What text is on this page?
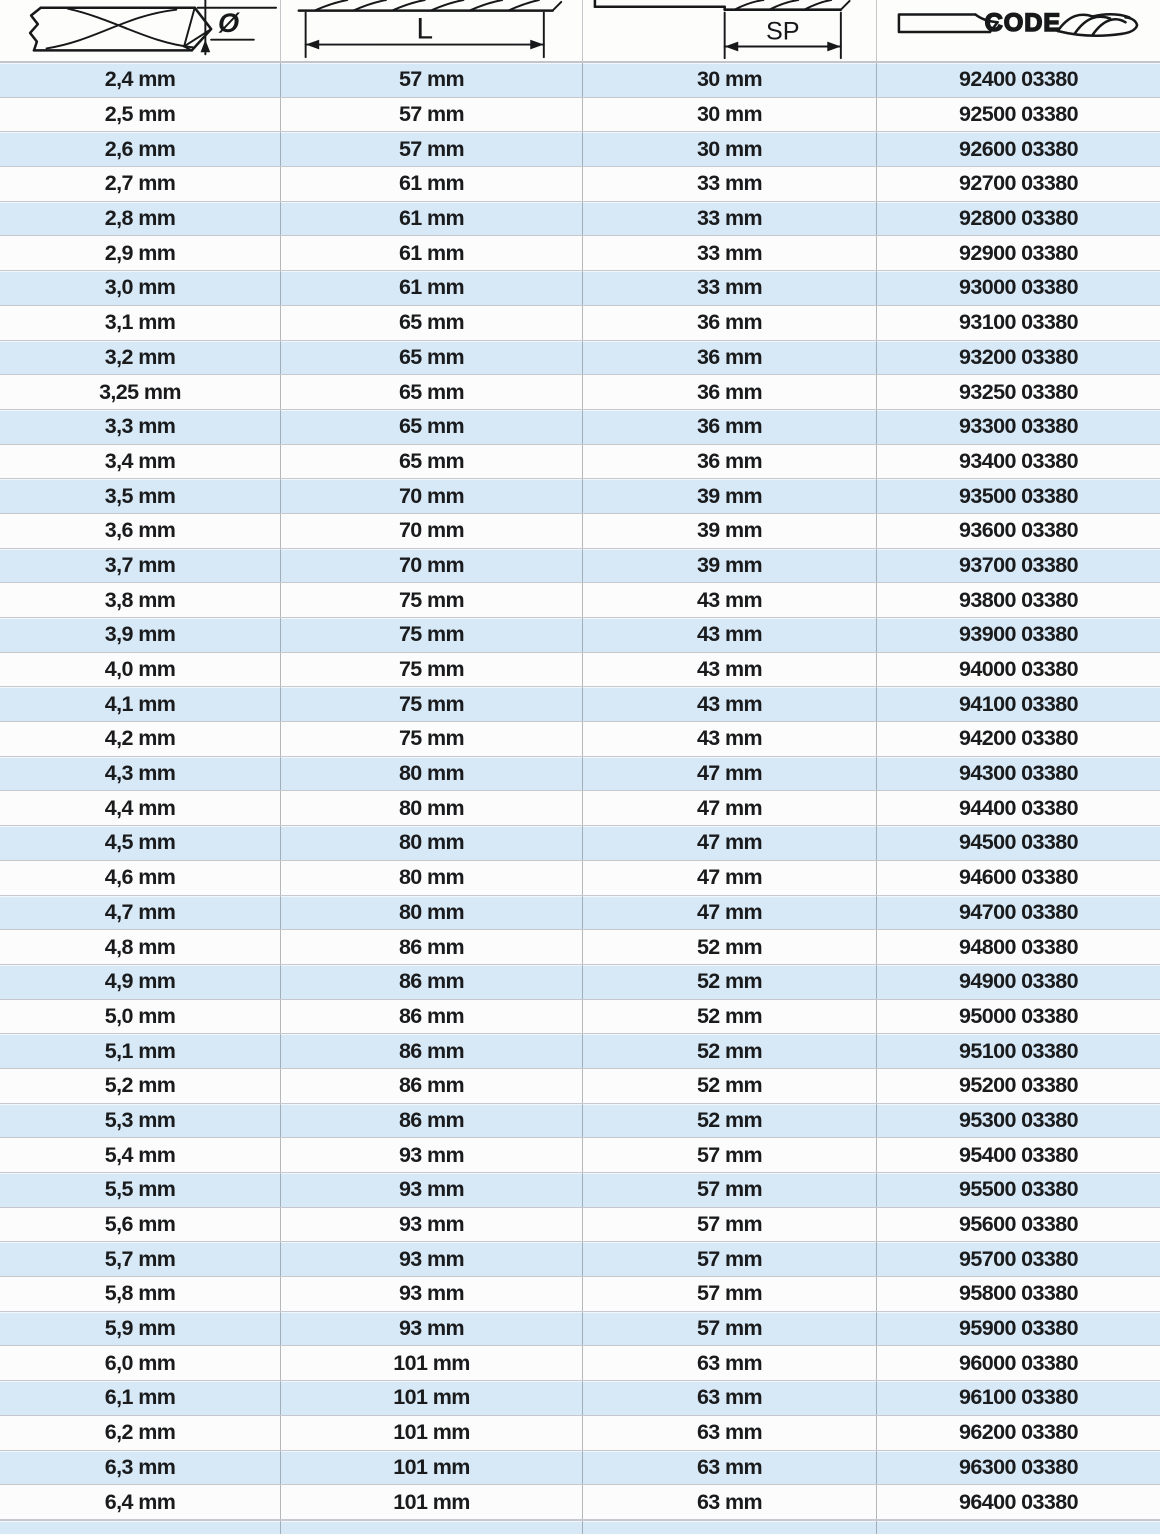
Ø	L	SP	CODE
2,4 mm	57 mm	30 mm	92400 03380
2,5 mm	57 mm	30 mm	92500 03380
2,6 mm	57 mm	30 mm	92600 03380
2,7 mm	61 mm	33 mm	92700 03380
2,8 mm	61 mm	33 mm	92800 03380
2,9 mm	61 mm	33 mm	92900 03380
3,0 mm	61 mm	33 mm	93000 03380
3,1 mm	65 mm	36 mm	93100 03380
3,2 mm	65 mm	36 mm	93200 03380
3,25 mm	65 mm	36 mm	93250 03380
3,3 mm	65 mm	36 mm	93300 03380
3,4 mm	65 mm	36 mm	93400 03380
3,5 mm	70 mm	39 mm	93500 03380
3,6 mm	70 mm	39 mm	93600 03380
3,7 mm	70 mm	39 mm	93700 03380
3,8 mm	75 mm	43 mm	93800 03380
3,9 mm	75 mm	43 mm	93900 03380
4,0 mm	75 mm	43 mm	94000 03380
4,1 mm	75 mm	43 mm	94100 03380
4,2 mm	75 mm	43 mm	94200 03380
4,3 mm	80 mm	47 mm	94300 03380
4,4 mm	80 mm	47 mm	94400 03380
4,5 mm	80 mm	47 mm	94500 03380
4,6 mm	80 mm	47 mm	94600 03380
4,7 mm	80 mm	47 mm	94700 03380
4,8 mm	86 mm	52 mm	94800 03380
4,9 mm	86 mm	52 mm	94900 03380
5,0 mm	86 mm	52 mm	95000 03380
5,1 mm	86 mm	52 mm	95100 03380
5,2 mm	86 mm	52 mm	95200 03380
5,3 mm	86 mm	52 mm	95300 03380
5,4 mm	93 mm	57 mm	95400 03380
5,5 mm	93 mm	57 mm	95500 03380
5,6 mm	93 mm	57 mm	95600 03380
5,7 mm	93 mm	57 mm	95700 03380
5,8 mm	93 mm	57 mm	95800 03380
5,9 mm	93 mm	57 mm	95900 03380
6,0 mm	101 mm	63 mm	96000 03380
6,1 mm	101 mm	63 mm	96100 03380
6,2 mm	101 mm	63 mm	96200 03380
6,3 mm	101 mm	63 mm	96300 03380
6,4 mm	101 mm	63 mm	96400 03380
